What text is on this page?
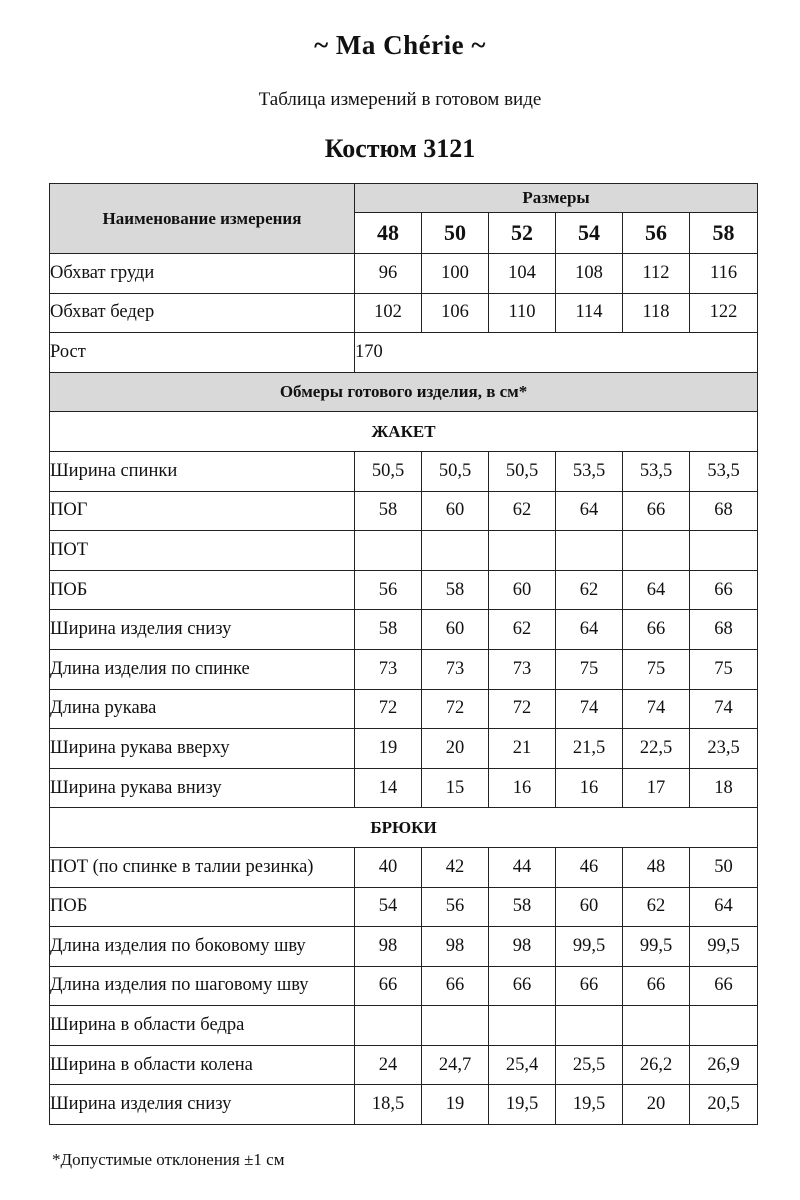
~ Ma Chérie ~
Таблица измерений в готовом виде
Костюм 3121
Наименование измерения	Размеры					
	48	50	52	54	56	58
Обхват груди	96	100	104	108	112	116
Обхват бедер	102	106	110	114	118	122
Рост	170					
Обмеры готового изделия, в см*						
ЖАКЕТ						
Ширина спинки	50,5	50,5	50,5	53,5	53,5	53,5
ПОГ	58	60	62	64	66	68
ПОТ						
ПОБ	56	58	60	62	64	66
Ширина изделия снизу	58	60	62	64	66	68
Длина изделия по спинке	73	73	73	75	75	75
Длина рукава	72	72	72	74	74	74
Ширина рукава вверху	19	20	21	21,5	22,5	23,5
Ширина рукава внизу	14	15	16	16	17	18
БРЮКИ						
ПОТ (по спинке в талии резинка)	40	42	44	46	48	50
ПОБ	54	56	58	60	62	64
Длина изделия по боковому шву	98	98	98	99,5	99,5	99,5
Длина изделия по шаговому шву	66	66	66	66	66	66
Ширина в области бедра						
Ширина в области колена	24	24,7	25,4	25,5	26,2	26,9
Ширина изделия снизу	18,5	19	19,5	19,5	20	20,5
*Допустимые отклонения ±1 см
